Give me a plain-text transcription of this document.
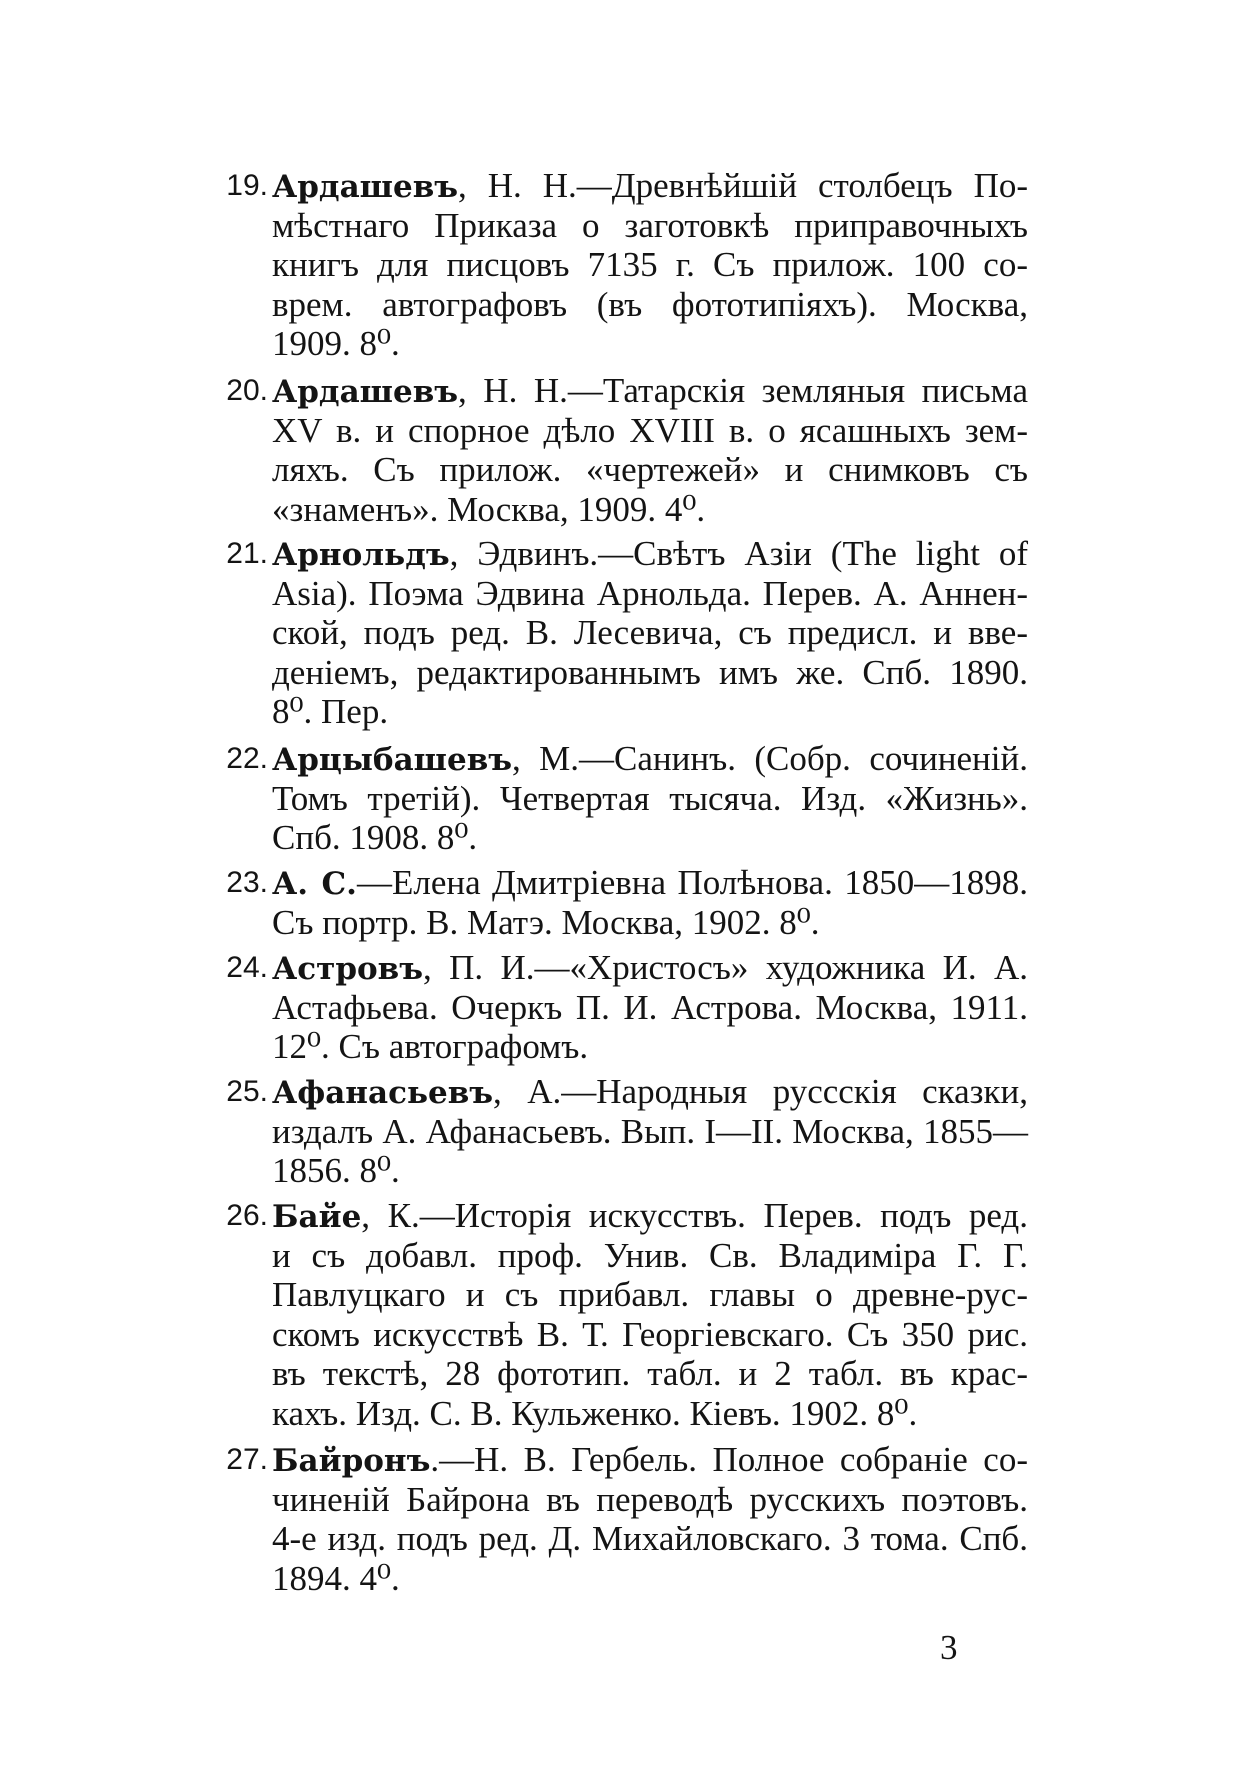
19. Ардашевъ, Н. Н.—Древнѣйшій столбецъ По-
мѣстнаго Приказа о заготовкѣ приправочныхъ
книгъ для писцовъ 7135 г. Съ прилож. 100 со-
врем. автографовъ (въ фототипіяхъ). Москва,
1909. 8⁰.
20. Ардашевъ, Н. Н.—Татарскія земляныя письма
XV в. и спорное дѣло XVIII в. о ясашныхъ зем-
ляхъ. Съ прилож. «чертежей» и снимковъ съ
«знаменъ». Москва, 1909. 4⁰.
21. Арнольдъ, Эдвинъ.—Свѣтъ Азіи (The light of
Asia). Поэма Эдвина Арнольда. Перев. А. Аннен-
ской, подъ ред. В. Лесевича, съ предисл. и вве-
деніемъ, редактированнымъ имъ же. Спб. 1890.
8⁰. Пер.
22. Арцыбашевъ, М.—Санинъ. (Собр. сочиненій.
Томъ третій). Четвертая тысяча. Изд. «Жизнь».
Спб. 1908. 8⁰.
23. А. С.—Елена Дмитріевна Полѣнова. 1850—1898.
Съ портр. В. Матэ. Москва, 1902. 8⁰.
24. Астровъ, П. И.—«Христосъ» художника И. А.
Астафьева. Очеркъ П. И. Астрова. Москва, 1911.
12⁰. Съ автографомъ.
25. Афанасьевъ, А.—Народныя руссскія сказки,
издалъ А. Афанасьевъ. Вып. I—II. Москва, 1855—
1856. 8⁰.
26. Байе, К.—Исторія искусствъ. Перев. подъ ред.
и съ добавл. проф. Унив. Св. Владиміра Г. Г.
Павлуцкаго и съ прибавл. главы о древне-рус-
скомъ искусствѣ В. Т. Георгіевскаго. Съ 350 рис.
въ текстѣ, 28 фототип. табл. и 2 табл. въ крас-
кахъ. Изд. С. В. Кульженко. Кіевъ. 1902. 8⁰.
27. Байронъ.—Н. В. Гербель. Полное собраніе со-
чиненій Байрона въ переводѣ русскихъ поэтовъ.
4-е изд. подъ ред. Д. Михайловскаго. 3 тома. Спб.
1894. 4⁰.
3
